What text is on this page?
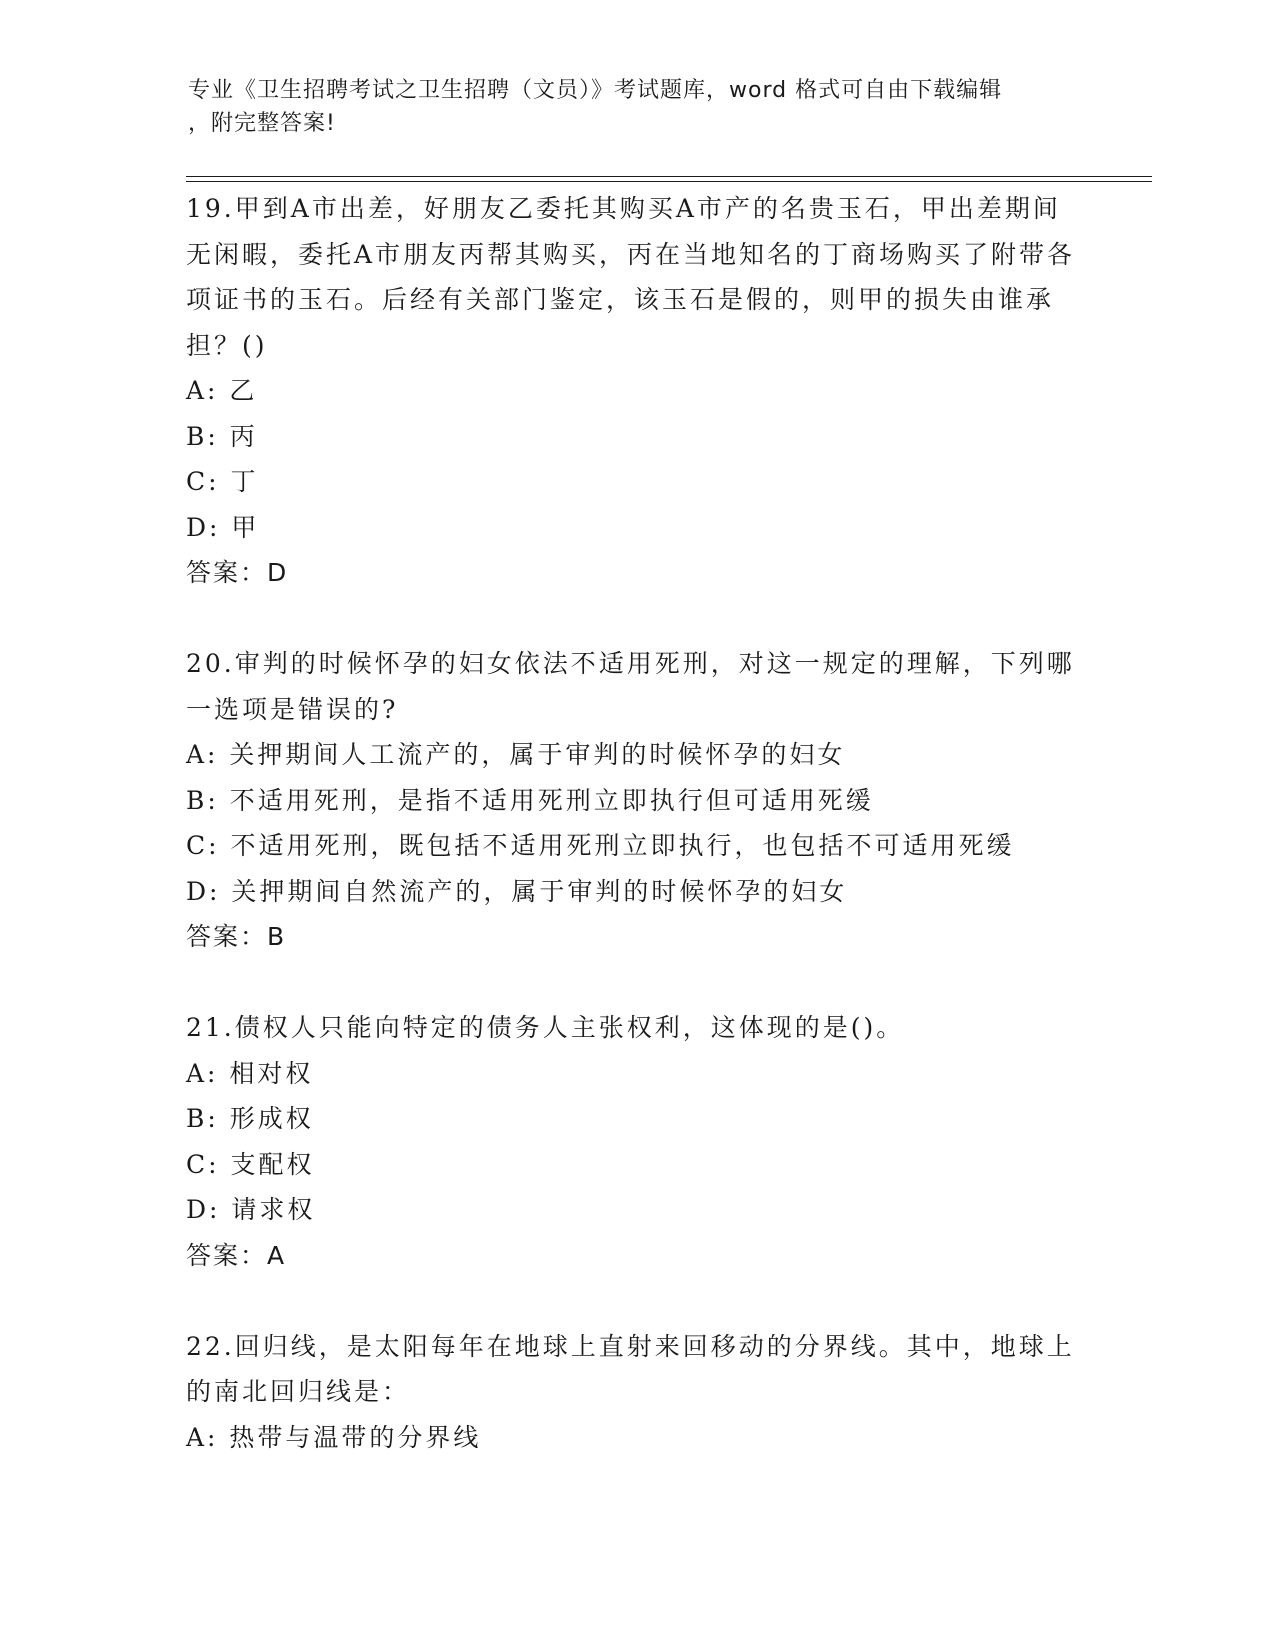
专业《卫生招聘考试之卫生招聘（文员）》考试题库，word 格式可自由下载编辑
，附完整答案!

19.甲到A市出差，好朋友乙委托其购买A市产的名贵玉石，甲出差期间无闲暇，委托A市朋友丙帮其购买，丙在当地知名的丁商场购买了附带各项证书的玉石。后经有关部门鉴定，该玉石是假的，则甲的损失由谁承担？()

A: 乙

B: 丙

C: 丁

D: 甲

答案：D

20.审判的时候怀孕的妇女依法不适用死刑，对这一规定的理解，下列哪一选项是错误的?

A: 关押期间人工流产的，属于审判的时候怀孕的妇女

B: 不适用死刑，是指不适用死刑立即执行但可适用死缓

C: 不适用死刑，既包括不适用死刑立即执行，也包括不可适用死缓

D: 关押期间自然流产的，属于审判的时候怀孕的妇女

答案：B

21.债权人只能向特定的债务人主张权利，这体现的是()。

A: 相对权

B: 形成权

C: 支配权

D: 请求权

答案：A

22.回归线，是太阳每年在地球上直射来回移动的分界线。其中，地球上的南北回归线是：

A: 热带与温带的分界线
